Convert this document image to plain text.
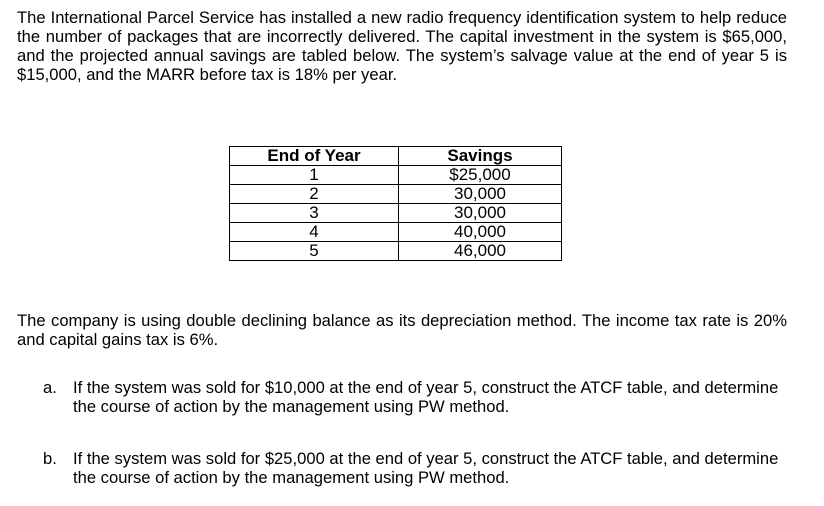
The International Parcel Service has installed a new radio frequency identification system to help reduce the number of packages that are incorrectly delivered. The capital investment in the system is $65,000, and the projected annual savings are tabled below. The system’s salvage value at the end of year 5 is $15,000, and the MARR before tax is 18% per year.
End of Year	Savings
1	$25,000
2	30,000
3	30,000
4	40,000
5	46,000
The company is using double declining balance as its depreciation method. The income tax rate is 20% and capital gains tax is 6%.
a. If the system was sold for $10,000 at the end of year 5, construct the ATCF table, and determine the course of action by the management using PW method.
b. If the system was sold for $25,000 at the end of year 5, construct the ATCF table, and determine the course of action by the management using PW method.
